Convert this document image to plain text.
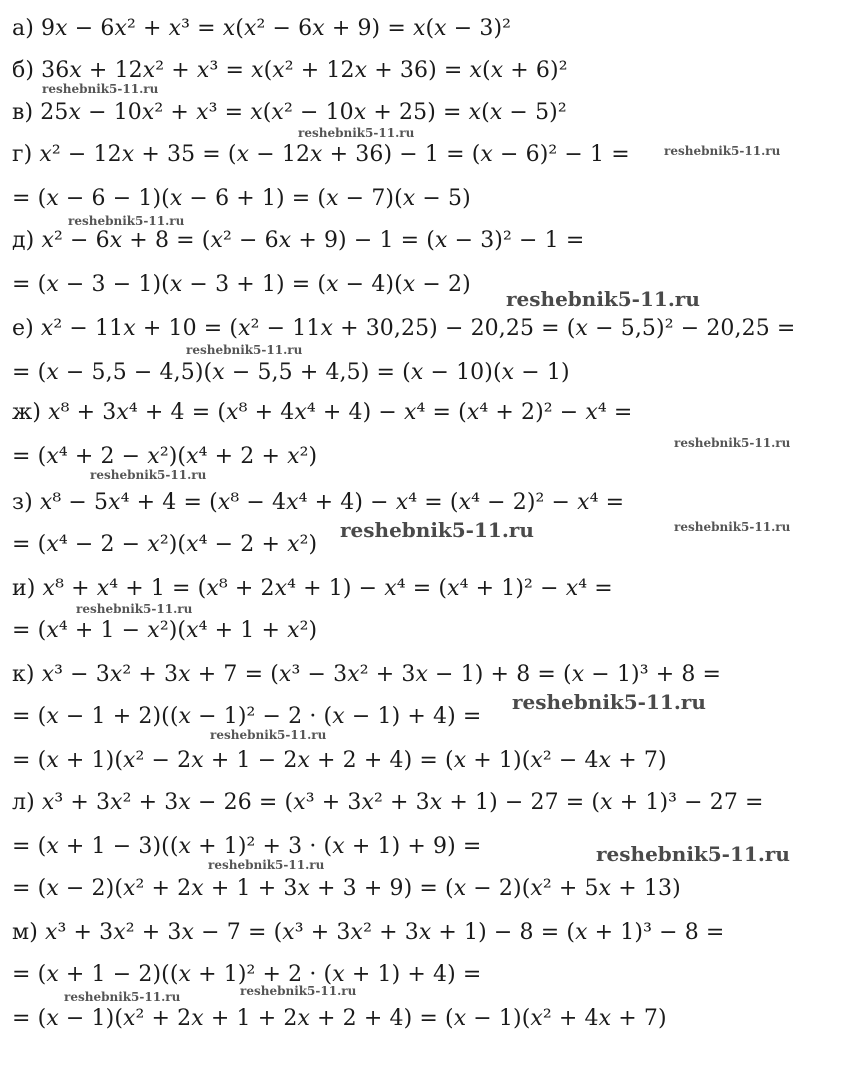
а) 9x − 6x² + x³ = x(x² − 6x + 9) = x(x − 3)²
б) 36x + 12x² + x³ = x(x² + 12x + 36) = x(x + 6)²
в) 25x − 10x² + x³ = x(x² − 10x + 25) = x(x − 5)²
г) x² − 12x + 35 = (x − 12x + 36) − 1 = (x − 6)² − 1 =
= (x − 6 − 1)(x − 6 + 1) = (x − 7)(x − 5)
д) x² − 6x + 8 = (x² − 6x + 9) − 1 = (x − 3)² − 1 =
= (x − 3 − 1)(x − 3 + 1) = (x − 4)(x − 2)
е) x² − 11x + 10 = (x² − 11x + 30,25) − 20,25 = (x − 5,5)² − 20,25 =
= (x − 5,5 − 4,5)(x − 5,5 + 4,5) = (x − 10)(x − 1)
ж) x⁸ + 3x⁴ + 4 = (x⁸ + 4x⁴ + 4) − x⁴ = (x⁴ + 2)² − x⁴ =
= (x⁴ + 2 − x²)(x⁴ + 2 + x²)
з) x⁸ − 5x⁴ + 4 = (x⁸ − 4x⁴ + 4) − x⁴ = (x⁴ − 2)² − x⁴ =
= (x⁴ − 2 − x²)(x⁴ − 2 + x²)
и) x⁸ + x⁴ + 1 = (x⁸ + 2x⁴ + 1) − x⁴ = (x⁴ + 1)² − x⁴ =
= (x⁴ + 1 − x²)(x⁴ + 1 + x²)
к) x³ − 3x² + 3x + 7 = (x³ − 3x² + 3x − 1) + 8 = (x − 1)³ + 8 =
= (x − 1 + 2)((x − 1)² − 2 · (x − 1) + 4) =
= (x + 1)(x² − 2x + 1 − 2x + 2 + 4) = (x + 1)(x² − 4x + 7)
л) x³ + 3x² + 3x − 26 = (x³ + 3x² + 3x + 1) − 27 = (x + 1)³ − 27 =
= (x + 1 − 3)((x + 1)² + 3 · (x + 1) + 9) =
= (x − 2)(x² + 2x + 1 + 3x + 3 + 9) = (x − 2)(x² + 5x + 13)
м) x³ + 3x² + 3x − 7 = (x³ + 3x² + 3x + 1) − 8 = (x + 1)³ − 8 =
= (x + 1 − 2)((x + 1)² + 2 · (x + 1) + 4) =
= (x − 1)(x² + 2x + 1 + 2x + 2 + 4) = (x − 1)(x² + 4x + 7)
reshebnik5-11.ru
reshebnik5-11.ru
reshebnik5-11.ru
reshebnik5-11.ru
reshebnik5-11.ru
reshebnik5-11.ru
reshebnik5-11.ru
reshebnik5-11.ru
reshebnik5-11.ru	reshebnik5-11.ru
reshebnik5-11.ru
reshebnik5-11.ru
reshebnik5-11.ru
reshebnik5-11.ru
reshebnik5-11.ru
reshebnik5-11.ru	reshebnik5-11.ru
